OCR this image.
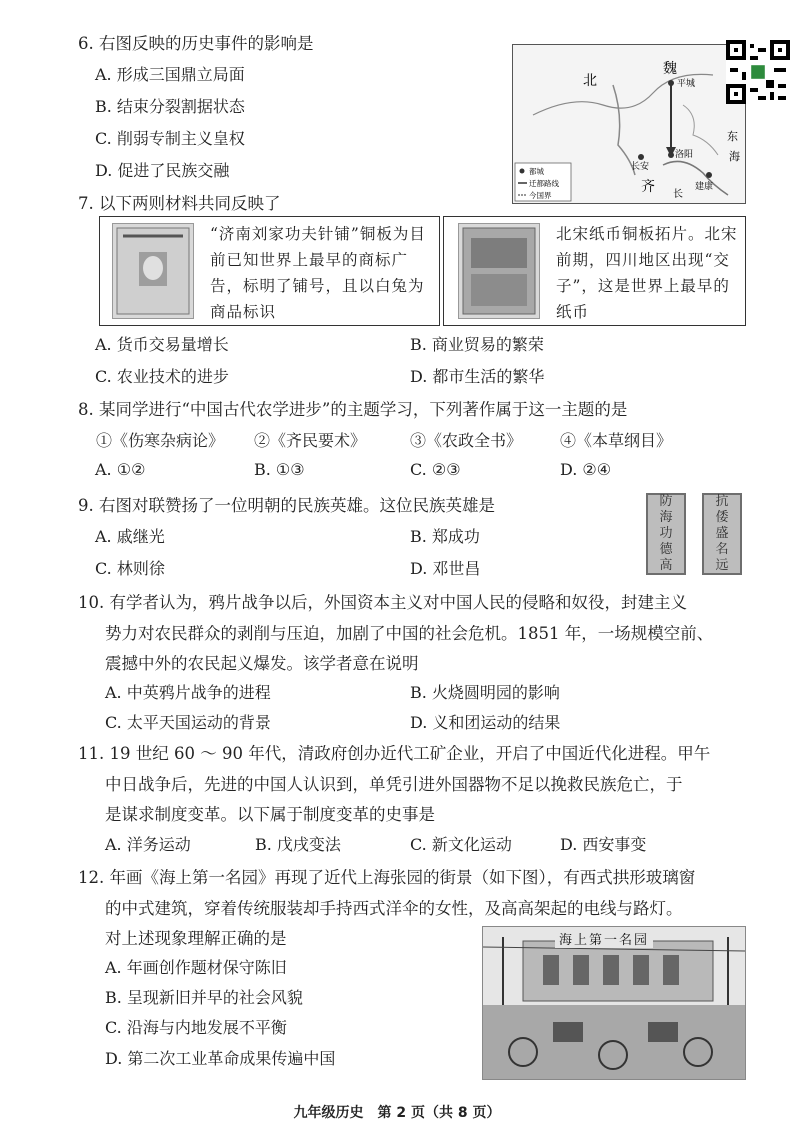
6. 右图反映的历史事件的影响是
A. 形成三国鼎立局面
B. 结束分裂割据状态
C. 削弱专制主义皇权
D. 促进了民族交融
北
魏
平城
洛阳
长安
建康
齐
东
海
长
都城
迁都路线
今国界
7. 以下两则材料共同反映了
“济南刘家功夫针铺”铜板为目前已知世界上最早的商标广告，标明了铺号，且以白兔为商品标识
北宋纸币铜板拓片。北宋前期，四川地区出现“交子”，这是世界上最早的纸币
A. 货币交易量增长	B. 商业贸易的繁荣
C. 农业技术的进步	D. 都市生活的繁华
8. 某同学进行“中国古代农学进步”的主题学习，下列著作属于这一主题的是
①《伤寒杂病论》 ②《齐民要术》	③《农政全书》 ④《本草纲目》
A. ①②	B. ①③	C. ②③	D. ②④
9. 右图对联赞扬了一位明朝的民族英雄。这位民族英雄是
A. 戚继光	B. 郑成功
C. 林则徐	D. 邓世昌
防
海
功
德
高
抗
倭
盛
名
远
10. 有学者认为，鸦片战争以后，外国资本主义对中国人民的侵略和奴役，封建主义
势力对农民群众的剥削与压迫，加剧了中国的社会危机。1851 年，一场规模空前、
震撼中外的农民起义爆发。该学者意在说明
A. 中英鸦片战争的进程	B. 火烧圆明园的影响
C. 太平天国运动的背景	D. 义和团运动的结果
11. 19 世纪 60 ～ 90 年代，清政府创办近代工矿企业，开启了中国近代化进程。甲午
中日战争后，先进的中国人认识到，单凭引进外国器物不足以挽救民族危亡，于
是谋求制度变革。以下属于制度变革的史事是
A. 洋务运动	B. 戊戌变法	C. 新文化运动	D. 西安事变
12. 年画《海上第一名园》再现了近代上海张园的街景（如下图），有西式拱形玻璃窗
的中式建筑，穿着传统服装却手持西式洋伞的女性，及高高架起的电线与路灯。
对上述现象理解正确的是
A. 年画创作题材保守陈旧
B. 呈现新旧并早的社会风貌
C. 沿海与内地发展不平衡
D. 第二次工业革命成果传遍中国
海上第一名园
九年级历史　第 2 页（共 8 页）
